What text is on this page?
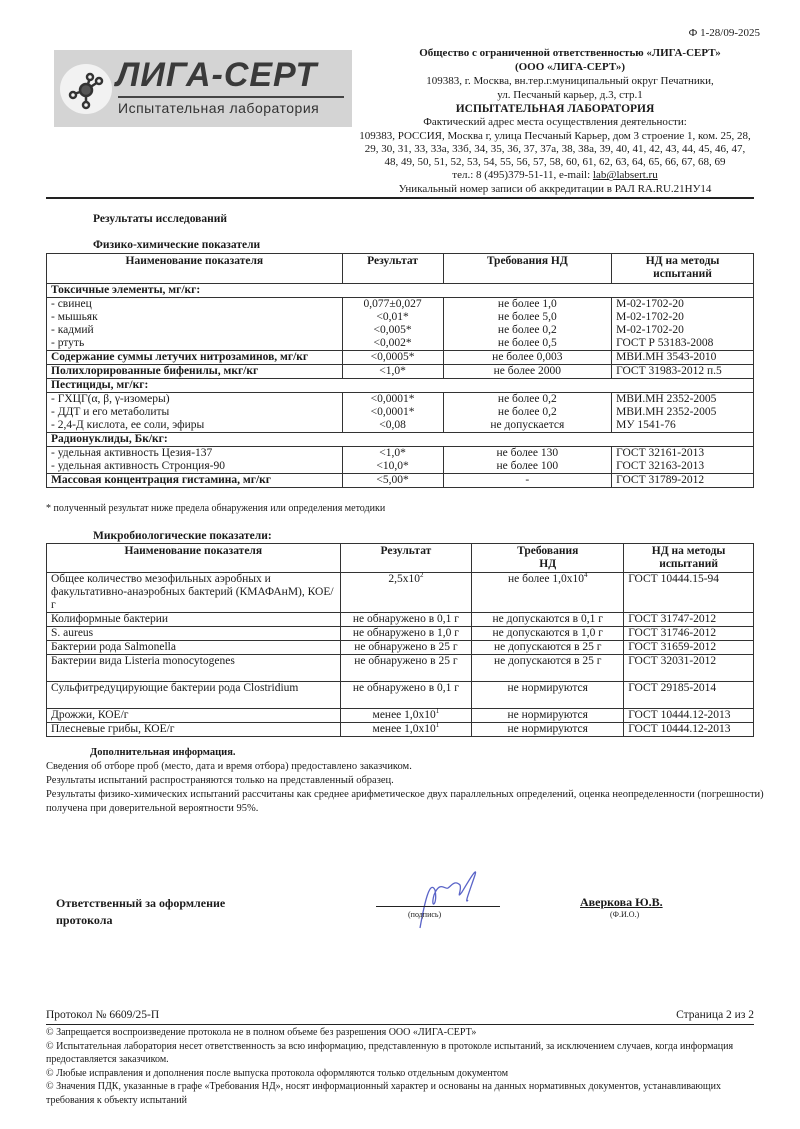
Ф 1-28/09-2025
ЛИГА-СЕРТ
Испытательная лаборатория
Общество с ограниченной ответственностью «ЛИГА-СЕРТ»
(ООО «ЛИГА-СЕРТ»)
109383, г. Москва, вн.тер.г.муниципальный округ Печатники,
ул. Песчаный карьер, д.3, стр.1
ИСПЫТАТЕЛЬНАЯ ЛАБОРАТОРИЯ
Фактический адрес места осуществления деятельности:
109383, РОССИЯ, Москва г, улица Песчаный Карьер, дом 3 строение 1, ком. 25, 28,
29, 30, 31, 33, 33а, 33б, 34, 35, 36, 37, 37а, 38, 38а, 39, 40, 41, 42, 43, 44, 45, 46, 47,
48, 49, 50, 51, 52, 53, 54, 55, 56, 57, 58, 60, 61, 62, 63, 64, 65, 66, 67, 68, 69
тел.: 8 (495)379-51-11, e-mail: lab@labsert.ru
Уникальный номер записи об аккредитации в РАЛ RA.RU.21НУ14
Результаты исследований
Физико-химические показатели
Наименование показателя	Результат	Требования НД	НД на методы испытаний
Токсичные элементы, мг/кг:			
- свинец	0,077±0,027	не более 1,0	М-02-1702-20
- мышьяк	<0,01*	не более 5,0	М-02-1702-20
- кадмий	<0,005*	не более 0,2	М-02-1702-20
- ртуть	<0,002*	не более 0,5	ГОСТ Р 53183-2008
Содержание суммы летучих нитрозаминов, мг/кг	<0,0005*	не более 0,003	МВИ.МН 3543-2010
Полихлорированные бифенилы, мкг/кг	<1,0*	не более 2000	ГОСТ 31983-2012 п.5
Пестициды, мг/кг:			
- ГХЦГ(α, β, γ-изомеры)	<0,0001*	не более 0,2	МВИ.МН 2352-2005
- ДДТ и его метаболиты	<0,0001*	не более 0,2	МВИ.МН 2352-2005
- 2,4-Д кислота, ее соли, эфиры	<0,08	не допускается	МУ 1541-76
Радионуклиды, Бк/кг:			
- удельная активность Цезия-137	<1,0*	не более 130	ГОСТ 32161-2013
- удельная активность Стронция-90	<10,0*	не более 100	ГОСТ 32163-2013
Массовая концентрация гистамина, мг/кг	<5,00*	-	ГОСТ 31789-2012
* полученный результат ниже предела обнаружения или определения методики
Микробиологические показатели:
Наименование показателя	Результат	Требования НД	НД на методы испытаний
Общее количество мезофильных аэробных и факультативно-анаэробных бактерий (КМАФАнМ), КОЕ/г	$2,5x10^2$	не более $1,0x10^4$	ГОСТ 10444.15-94
Колиформные бактерии	не обнаружено в 0,1 г	не допускаются в 0,1 г	ГОСТ 31747-2012
S. aureus	не обнаружено в 1,0 г	не допускаются в 1,0 г	ГОСТ 31746-2012
Бактерии рода Salmonella	не обнаружено в 25 г	не допускаются в 25 г	ГОСТ 31659-2012
Бактерии вида Listeria monocytogenes	не обнаружено в 25 г	не допускаются в 25 г	ГОСТ 32031-2012
Сульфитредуцирующие бактерии рода Clostridium	не обнаружено в 0,1 г	не нормируются	ГОСТ 29185-2014
Дрожжи, КОЕ/г	менее $1,0x10^1$	не нормируются	ГОСТ 10444.12-2013
Плесневые грибы, КОЕ/г	менее $1,0x10^1$	не нормируются	ГОСТ 10444.12-2013
Дополнительная информация.
Сведения об отборе проб (место, дата и время отбора) предоставлено заказчиком.
Результаты испытаний распространяются только на представленный образец.
Результаты физико-химических испытаний рассчитаны как среднее арифметическое двух параллельных определений, оценка неопределенности (погрешности) получена при доверительной вероятности 95%.
Ответственный за оформление
протокола	(подпись)
Аверкова Ю.В.
(Ф.И.О.)
Протокол № 6609/25-П	Страница 2 из 2
© Запрещается воспроизведение протокола не в полном объеме без разрешения ООО «ЛИГА-СЕРТ»
© Испытательная лаборатория несет ответственность за всю информацию, представленную в протоколе испытаний, за исключением случаев, когда информация предоставляется заказчиком.
© Любые исправления и дополнения после выпуска протокола оформляются только отдельным документом
© Значения ПДК, указанные в графе «Требования НД», носят информационный характер и основаны на данных нормативных документов, устанавливающих требования к объекту испытаний
